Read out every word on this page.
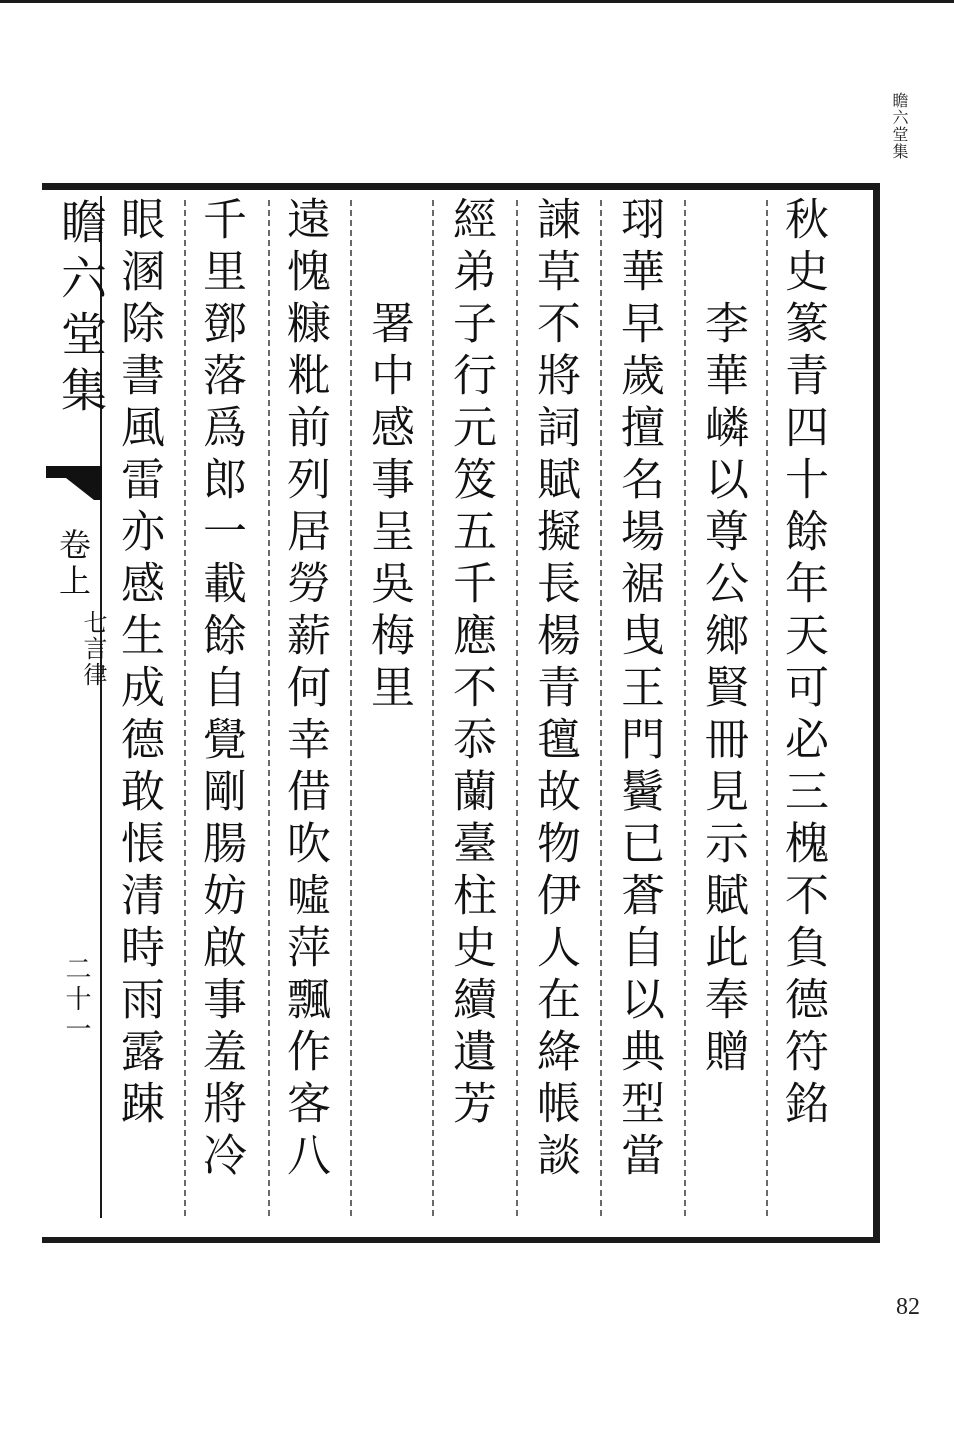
瞻六堂集
秋史篆青四十餘年天可必三槐不負德符銘
李華嶙以尊公鄉賢冊見示賦此奉贈
珝華早歲擅名場裾曳王門鬢已蒼自以典型當
諫草不將詞賦擬長楊青氊故物伊人在絳帳談
經弟子行元笈五千應不忝蘭臺柱史續遺芳
署中感事呈吳梅里
遠愧糠粃前列居勞薪何幸借吹噓萍飄作客八
千里鄧落爲郎一載餘自覺剛腸妨啟事羞將冷
眼溷除書風雷亦感生成德敢悵清時雨露踈
瞻六堂集
卷上
七言律
二十一
82
